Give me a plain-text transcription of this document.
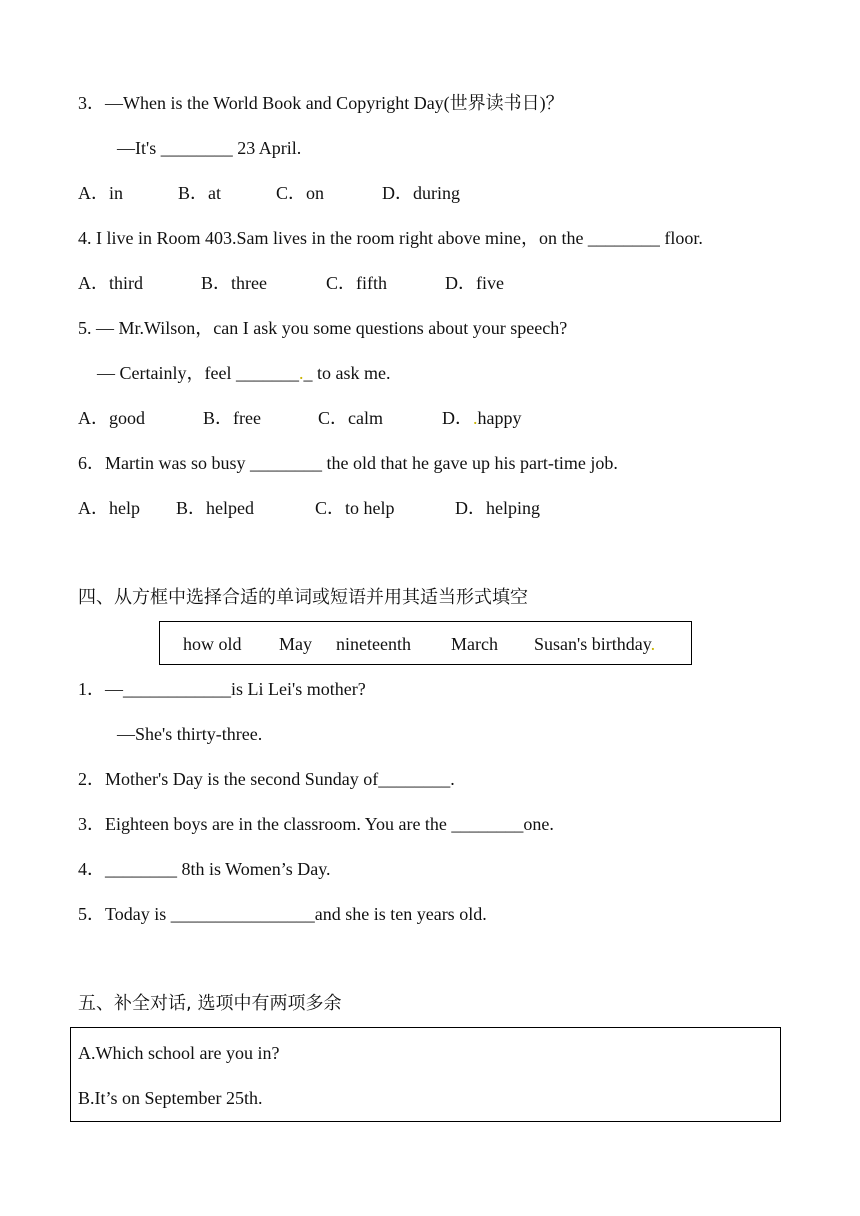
3．—When is the World Book and Copyright Day(世界读书日)？
—It's ________ 23 April.
A．in	B．at	C．on	D．during
4. I live in Room 403.Sam lives in the room right above mine，on the ________ floor.
A．third	B．three	C．fifth	D．five
5. — Mr.Wilson，can I ask you some questions about your speech?
— Certainly，feel _______._ to ask me.
A．good	B．free	C．calm	D．.happy
6．Martin was so busy ________ the old that he gave up his part-time job.
A．help B．helped	C．to help	D．helping
四、从方框中选择合适的单词或短语并用其适当形式填空
how old May nineteenth March Susan's birthday.
1．—____________is Li Lei's mother?
—She's thirty-three.
2．Mother's Day is the second Sunday of________.
3．Eighteen boys are in the classroom. You are the ________one.
4．________ 8th is Women’s Day.
5．Today is ________________and she is ten years old.
五、补全对话, 选项中有两项多余
A.Which school are you in?
B.It’s on September 25th.
